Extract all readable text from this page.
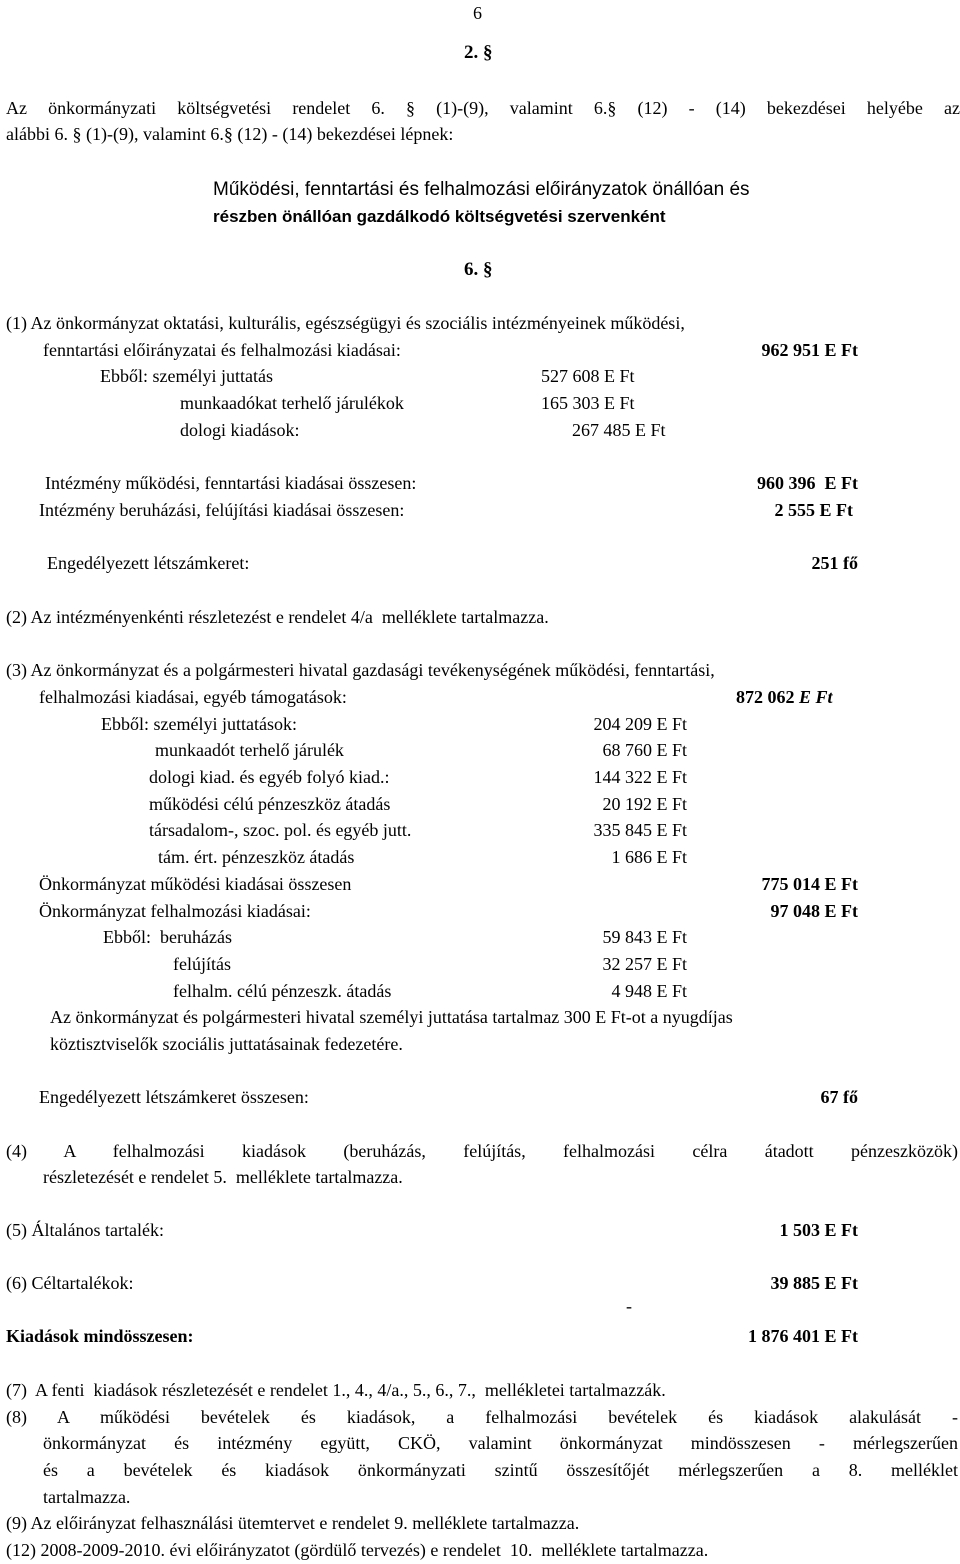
6
2. §
Az önkormányzati költségvetési rendelet 6. § (1)-(9), valamint 6.§ (12) - (14) bekezdései helyébe az
alábbi 6. § (1)-(9), valamint 6.§ (12) - (14) bekezdései lépnek:
Működési, fenntartási és felhalmozási előirányzatok önállóan és
részben önállóan gazdálkodó költségvetési szervenként
6. §
(1) Az önkormányzat oktatási, kulturális, egészségügyi és szociális intézményeinek működési,
fenntartási előirányzatai és felhalmozási kiadásai:	962 951 E Ft
Ebből: személyi juttatás	527 608 E Ft
munkaadókat terhelő járulékok	165 303 E Ft
dologi kiadások:	267 485 E Ft
Intézmény működési, fenntartási kiadásai összesen:	960 396  E Ft
Intézmény beruházási, felújítási kiadásai összesen:	2 555 E Ft
Engedélyezett létszámkeret:	251 fő
(2) Az intézményenkénti részletezést e rendelet 4/a  melléklete tartalmazza.
(3) Az önkormányzat és a polgármesteri hivatal gazdasági tevékenységének működési, fenntartási,
felhalmozási kiadásai, egyéb támogatások:	872 062 E Ft
Ebből: személyi juttatások:	204 209 E Ft
munkaadót terhelő járulék	68 760 E Ft
dologi kiad. és egyéb folyó kiad.:	144 322 E Ft
működési célú pénzeszköz átadás	20 192 E Ft
társadalom-, szoc. pol. és egyéb jutt.	335 845 E Ft
tám. ért. pénzeszköz átadás	1 686 E Ft
Önkormányzat működési kiadásai összesen	775 014 E Ft
Önkormányzat felhalmozási kiadásai:	97 048 E Ft
Ebből:  beruházás	59 843 E Ft
felújítás	32 257 E Ft
felhalm. célú pénzeszk. átadás	4 948 E Ft
Az önkormányzat és polgármesteri hivatal személyi juttatása tartalmaz 300 E Ft-ot a nyugdíjas
köztisztviselők szociális juttatásainak fedezetére.
Engedélyezett létszámkeret összesen:	67 fő
(4) A felhalmozási kiadások (beruházás, felújítás, felhalmozási célra átadott pénzeszközök)
részletezését e rendelet 5.  melléklete tartalmazza.
(5) Általános tartalék:	1 503 E Ft
(6) Céltartalékok:	39 885 E Ft
-
Kiadások mindösszesen:	1 876 401 E Ft
(7)  A fenti  kiadások részletezését e rendelet 1., 4., 4/a., 5., 6., 7.,  mellékletei tartalmazzák.
(8) A működési bevételek és kiadások, a felhalmozási bevételek és kiadások alakulását -
önkormányzat és intézmény együtt, CKÖ, valamint önkormányzat mindösszesen - mérlegszerűen
és a bevételek és kiadások önkormányzati szintű összesítőjét mérlegszerűen a 8. melléklet
tartalmazza.
(9) Az előirányzat felhasználási ütemtervet e rendelet 9. melléklete tartalmazza.
(12) 2008-2009-2010. évi előirányzatot (gördülő tervezés) e rendelet  10.  melléklete tartalmazza.
